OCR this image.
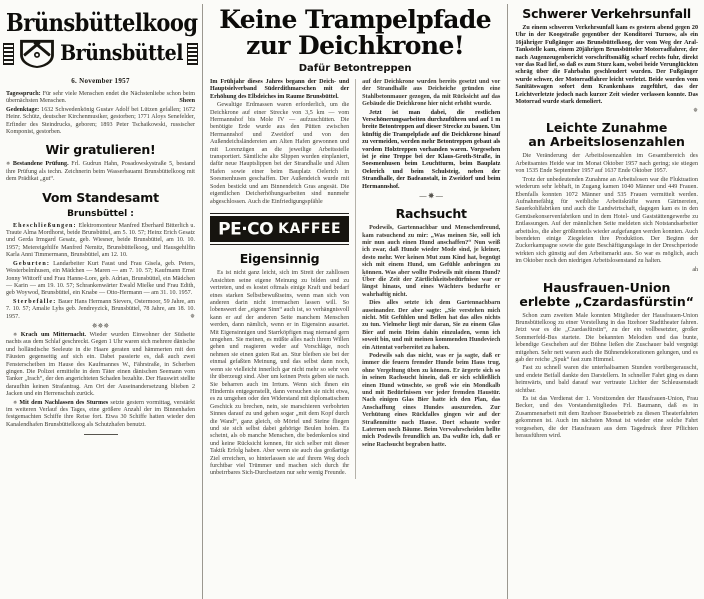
Brünsbüttelkoog
Brünsbüttel
6. November 1957

Tagesspruch: Für sehr viele Menschen endet die Nächstenliebe schon beim übernächsten Menschen.	Sheen

Gedenktage: 1632 Schwedenkönig Gustav Adolf bei Lützen gefallen; 1672 Heinr. Schütz, deutscher Kirchenmusiker, gestorben; 1771 Aloys Senefelder, Erfinder des Steindrucks, geboren; 1893 Peter Tschaikowski, russischer Komponist, gestorben.

Wir gratulieren!

✵ Bestandene Prüfung. Frl. Gudrun Hahn, Posadowskystraße 5, bestand ihre Prüfung als techn. Zeichnerin beim Wasserbauamt Brunsbüttelkoog mit dem Prädikat „gut“.

Vom Standesamt
Brunsbüttel :

Eheschließungen: Elektromonteur Manfred Eberhard Bitterlich u. Traute Alma Mordhorst, beide Brunsbüttel, am 5. 10. 57; Heinz Erich Gesatz und Gerda Irmgard Gesatz, geb. Wiesner, beide Brunsbüttel, am 10. 10. 1957; Meiereigehilfe Manfred Nemitz, Brunsbüttelkoog, und Hausgehilfin Karla Anni Timmermann, Brunsbüttel, am 12. 10.

Geburten: Landarbeiter Kurt Faust und Frau Gisela, geb. Peters, Westerbelmhusen, ein Mädchen — Maren — am 7. 10. 57; Kaufmann Ernst Jonny Wittorff und Frau Hanne-Lore, geb. Adrian, Brunsbüttel, ein Mädchen — Karin — am 19. 10. 57; Schrankenwärter Ewald Mielke und Frau Edith, geb Woywod, Brunsbüttel, ein Knabe — Otto-Hermann — am 31. 10. 1957.

Sterbefälle: Bauer Hans Hermann Sievers, Ostermoor, 59 Jahre, am 7. 10. 57; Amalie Lyhs geb. Jendreyzick, Brunsbüttel, 78 Jahre, am 18. 10. 1957.	✵

✵✵✵

✵ Krach um Mitternacht. Wieder wurden Einwohner der Südseite nachts aus dem Schlaf geschreckt. Gegen 1 Uhr waren sich mehrere dänische und holländische Seeleute in die Haare geraten und hämmerten mit den Fäusten gegenseitig auf sich ein. Dabei passierte es, daß auch zwei Fensterscheiben im Hause des Kaufmannes W., Fährstraße, in Scherben gingen. Die Polizei ermittelte in dem Täter einen dänischen Seemann vom Tanker „Irach“, der den angerichteten Schaden bezahlte. Der Hauswirt stellte daraufhin keinen Strafantrag. Am Ort der Auseinandersetzung blieben 2 Jacken und ein Herrenschuh zurück.

✵ Mit dem Nachlassen des Sturmes setzte gestern vormittag, verstärkt im weiteren Verlauf des Tages, eine größere Anzahl der im Binnenhafen festgemachten Schiffe ihre Reise fort. Etwa 30 Schiffe hatten wieder den Kanalendhafen Brunsbüttelkoog als Schutzhafen benutzt.

Keine Trampelpfade
zur Deichkrone!
Dafür Betontreppen

Im Frühjahr dieses Jahres begann der Deich- und Hauptsielverband Süderdithmarschen mit der Erhöhung des Elbdeiches im Raume Brunsbüttel.

Gewaltige Erdmassen waren erforderlich, um die Deichkrone auf einer Strecke von 3,5 km — vom Hermannshof bis Mole IV — aufzuschütten. Die benötigte Erde wurde aus den Pütten zwischen Hermannshof und Zweidorf und von den Außendeichsländereien am Alten Hafen gewonnen und mit Lorenzügen an die jeweilige Arbeitsstelle transportiert. Sämtliche alte Slippen wurden einplaniert, dafür neue Hauptslippen bei der Strandhalle und Alten Hafen sowie einer beim Bauplatz Oelerich in Soesmenhusen geschaffen. Der Außendeich wurde mit Soden bestickt und am Binnendeich Gras angesät. Die eigentlichen Deicherhöhungsarbeiten sind nunmehr abgeschlossen. Auch die Einfriedigungspfähle

PE·CO KAFFEE
Eigensinnig

Es ist nicht ganz leicht, sich im Streit der zahllosen Ansichten seine eigene Meinung zu bilden und zu vertreten, und es kostet oftmals einige Kraft und bedarf eines starken Selbstbewußtseins, wenn man sich von anderen darin nicht irremachen lassen will. So lobenswert der „eigene Sinn“ auch ist, so verhängnisvoll kann er auf der anderen Seite manchem Menschen werden, dann nämlich, wenn er in Eigensinn ausartet. Mit Eigensinnigen und Starrköpfigen mag niemand gern umgehen. Sie meinen, es müßte alles nach ihrem Willen gehen und reagieren weder auf Vorschläge, noch nehmen sie einen guten Rat an. Stur bleiben sie bei der einmal gefaßten Meinung, und das selbst dann noch, wenn sie vielleicht innerlich gar nicht mehr so sehr von ihr überzeugt sind. Aber um keinen Preis geben sie nach. Sie beharren auch im Irrtum. Wenn sich ihnen ein Hindernis entgegenstellt, dann versuchen sie nicht etwa, es zu umgehen oder den Widerstand mit diplomatischem Geschick zu brechen, nein, sie marschieren verbohrten Sinnes darauf zu und gehen sogar „mit dem Kopf durch die Wand“, ganz gleich, ob Mörtel und Steine fliegen und sie sich selbst dabei gehörige Beulen holen. Es scheint, als ob manche Menschen, die bedenkenlos sind und keine Rücksicht kennen, für sich selber mit dieser Taktik Erfolg haben. Aber wenn sie auch das großartige Ziel erreichen, so hinterlassen sie auf ihrem Weg doch furchtbar viel Trümmer und machen sich durch ihr unbeirrbares Sich-Durchsetzen nur sehr wenig Freunde.

auf der Deichkrone wurden bereits gesetzt und vor der Strandhalle aus Deicheiche gründen eine Stahlbetonmauer gezogen, da mit Rücksicht auf das Gebäude die Deichkrone hier nicht erhöht wurde.

Jetzt ist man dabei, die restlichen Verschönerungsarbeiten durchzuführen und auf 1 m breite Betontreppen auf dieser Strecke zu bauen. Um künftig die Trampelpfade auf die Deichkrone hinauf zu vermeiden, werden mehr Betontreppen gebaut als vordem Holztreppen vorhanden waren. Vorgesehen ist je eine Treppe bei der Klaus-Groth-Straße, in Soesmenhusen beim Leuchtturm, beim Bauplatz Oelerich und beim Schulsteig, neben der Strandhalle, der Badeanstalt, in Zweidorf und beim Hermannshof.

— ✵ —
Rachsucht

Podewils, Gartennachbar und Menschenfreund, kam ratsuchend zu mir: „Was meinen Sie, soll ich mir nun auch einen Hund anschaffen?“ Nun weiß ich zwar, daß Hunde wieder Mode sind, je kleiner, desto mehr. Wer keinen Mut zum Kind hat, begnügt sich mit einem Hund, um Gefühle anbringen zu können. Was aber wollte Podewils mit einem Hund? Über die Zeit der Zärtlichkeitsbedürfnisse war er längst hinaus, und eines Wächters bedurfte er wahrhaftig nicht.

Dies alles setzte ich dem Gartennachbarn auseinander. Der aber sagte: „Sie verstehen mich nicht. Mit Gefühlen und Bellen hat das alles nichts zu tun. Vielmehr liegt mir daran, Sie zu einem Glas Bier auf mein Heim dahin einzuladen, wenn ich soweit bin, und mit meinen kommenden Hundeviech ein Attentat vorbereitet zu haben.

Podewils sah das nicht, was er ja sagte, daß er immer die feuern fremder Hunde beim Haus trug, ohne Vergeltung üben zu können. Er ärgerte sich so in seinen Rachsucht hinein, daß er sich schließlich einen Hund wünschte, so groß wie ein Mondkalb und mit Bedürfnissen vor jeder fremden Haustür. Nach einigen Glas Bier hatte ich den Plan, das Anschaffung eines Hundes auszureden. Zur Verhütung eines Rückfalles gingen wir auf der Straßenmitte nach Hause. Dort schaute weder Laternen noch Bäume. Beim Verwahrscheiden hellte mich Podewils freundlich an. Da wußte ich, daß er seine Rachsucht begraben hatte.

Schwerer Verkehrsunfall

Zu einem schweren Verkehrsunfall kam es gestern abend gegen 20 Uhr in der Koogstraße gegenüber der Konditorei Turnow, als ein 16jähriger Fußgänger aus Brunsbüttelkoog, der vom Weg der Aral-Tankstelle kam, einem 20jährigen Brunsbütteler Motorradfahrer, der nach Augenzeugenbericht vorschriftsmäßig scharf rechts fuhr, direkt vor das Rad lief, so daß es zum Sturz kam, wobei beide Verunglückten schräg über die Fahrbahn geschleudert wurden. Der Fußgänger wurde schwer, der Motorradfahrer leicht verletzt. Beide wurden vom Sanitätswagen sofort dem Krankenhaus zugeführt, das der Leichtverletzte jedoch nach kurzer Zeit wieder verlassen konnte. Das Motorrad wurde stark demoliert.

✵
Leichte Zunahme
an Arbeitslosenzahlen

Die Veränderung der Arbeitslosenzahlen im Gesamtbereich des Arbeitsamtes Heide war im Monat Oktober 1957 nach gering; sie stiegen von 1535 Ende September 1957 auf 1637 Ende Oktober 1957.

Trotz der unbedeutenden Zunahme an Arbeitslosen war die Fluktuation wiederum sehr lebhaft, in Zugang kamen 1040 Männer und 449 Frauen. Ebenfalls konnten 1072 Männer und 535 Frauen vermittelt werden. Aufnahmefähig für weibliche Arbeitskräfte waren Gärtnereien, Sauerkohlfabriken und auch die Landwirtschaft, dagegen kam es in den Gemüsekonservenfabriken und in dem Hotel- und Gaststättengewerbe zu Entlassungen. Auf der männlichen Seite meldeten sich Notstandsarbeiter arbeitslos, die aber größtenteils wieder aufgefangen werden konnten. Auch beendeten einige Ziegeleien ihre Produktion. Der Beginn der Zuckerkampagne sowie die gute Beschäftigungslage in der Dreschperiode wirkten sich günstig auf den Arbeitsmarkt aus. So war es möglich, auch im Oktober noch den niedrigen Arbeitslosenstand zu halten.

ah
Hausfrauen-Union
erlebte „Czardasfürstin“

Schon zum zweiten Male konnten Mitglieder der Hausfrauen-Union Brunsbüttelkoog zu einer Vorstellung in das Itzehoer Stadttheater fahren. Jetzt war es die „Czardasfürstin“, zu der ein vollbesetzter, großer Sommerfeld-Bus startete. Die bekannten Melodien und das bunte, lebendige Geschehen auf der Bühne ließen die Zuschauer bald vergnügt mitgehen. Sehr nett waren auch die Bühnendekorationen gelungen, und es gab der reiche „Spuk“ fast zum Himmel.

Fast zu schnell waren die unterhaltsamen Stunden vorübergerauscht, und endete Beifall dankte den Darstellern. In schneller Fahrt ging es dann heimwärts, und bald darauf war vertraute Lichter der Schleusenstadt sichtbar.

Es ist das Verdienst der 1. Vorsitzenden der Hausfrauen-Union, Frau Becker, und des Vorstandsmitgliedes Frl. Baumann, daß es in Zusammenarbeit mit dem Itzehoer Bussebetrieb zu diesen Theaterfahrten gekommen ist. Auch im nächsten Monat ist wieder eine solche Fahrt vorgesehen, die der Hausfrauen aus dem Tagedruck ihrer Pflichten herausführen wird.
